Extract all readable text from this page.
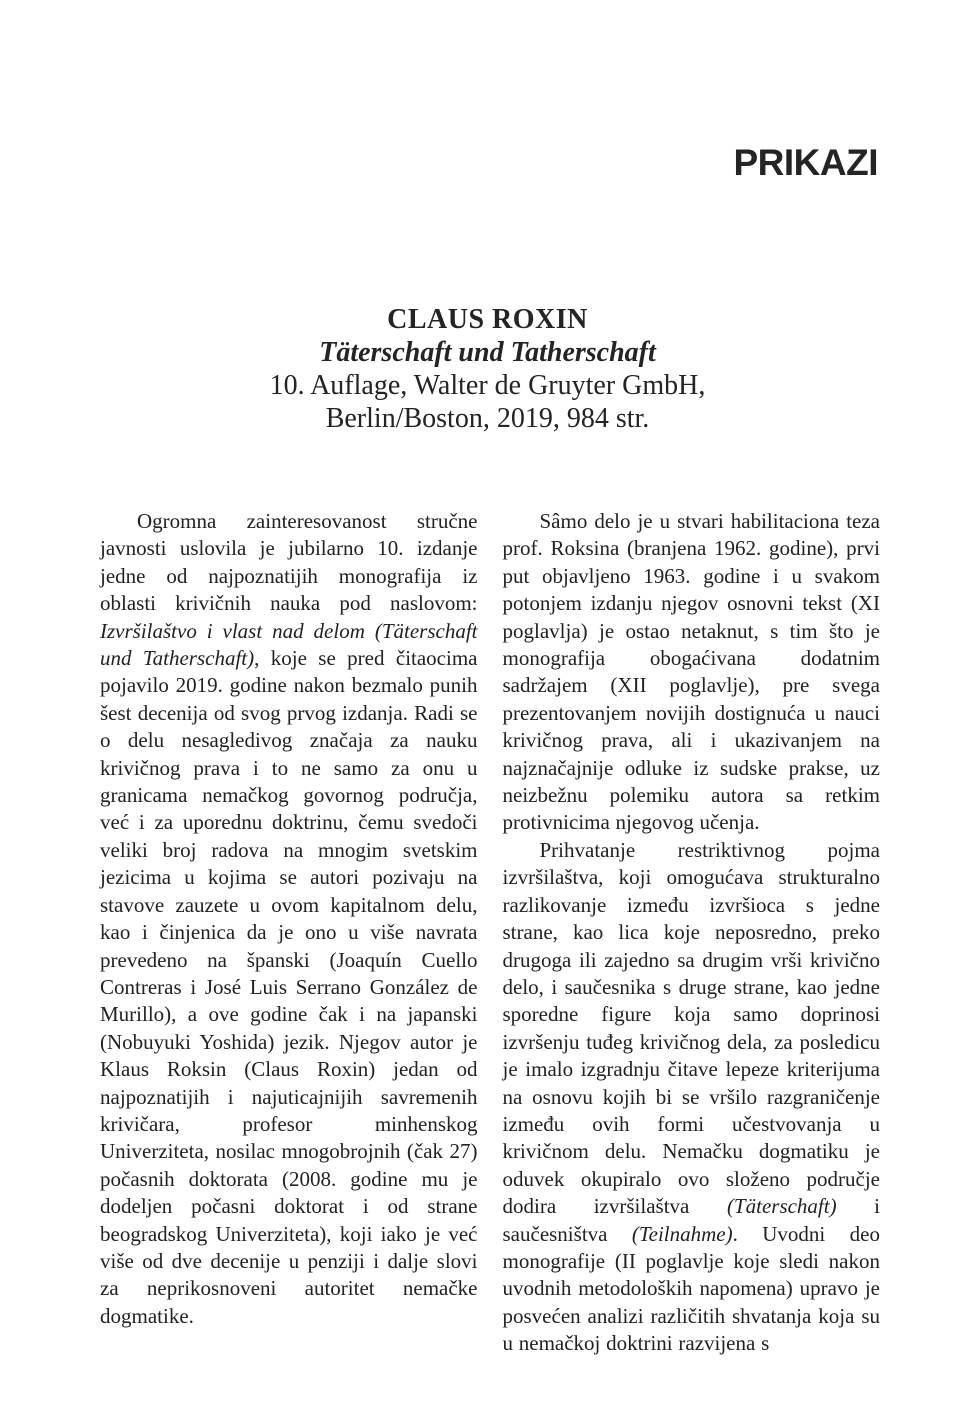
PRIKAZI
CLAUS ROXIN
Täterschaft und Tatherschaft
10. Auflage, Walter de Gruyter GmbH,
Berlin/Boston, 2019, 984 str.

Ogromna zainteresovanost stručne javnosti uslovila je jubilarno 10. izdanje jedne od najpoznatijih monografija iz oblasti krivičnih nauka pod naslovom: Izvršilaštvo i vlast nad delom (Täterschaft und Tatherschaft), koje se pred čitaocima pojavilo 2019. godine nakon bezmalo punih šest decenija od svog prvog izdanja. Radi se o delu nesagledivog značaja za nauku krivičnog prava i to ne samo za onu u granicama nemačkog govornog područja, već i za uporednu doktrinu, čemu svedoči veliki broj radova na mnogim svetskim jezicima u kojima se autori pozivaju na stavove zauzete u ovom kapitalnom delu, kao i činjenica da je ono u više navrata prevedeno na španski (Joaquín Cuello Contreras i José Luis Serrano González de Murillo), a ove godine čak i na japanski (Nobuyuki Yoshida) jezik. Njegov autor je Klaus Roksin (Claus Roxin) jedan od najpoznatijih i najuticajnijih savremenih krivičara, profesor minhenskog Univerziteta, nosilac mnogobrojnih (čak 27) počasnih doktorata (2008. godine mu je dodeljen počasni doktorat i od strane beogradskog Univerziteta), koji iako je već više od dve decenije u penziji i dalje slovi za neprikosnoveni autoritet nemačke dogmatike.

Sâmo delo je u stvari habilitaciona teza prof. Roksina (branjena 1962. godine), prvi put objavljeno 1963. godine i u svakom potonjem izdanju njegov osnovni tekst (XI poglavlja) je ostao netaknut, s tim što je monografija obogaćivana dodatnim sadržajem (XII poglavlje), pre svega prezentovanjem novijih dostignuća u nauci krivičnog prava, ali i ukazivanjem na najznačajnije odluke iz sudske prakse, uz neizbežnu polemiku autora sa retkim protivnicima njegovog učenja.

Prihvatanje restriktivnog pojma izvršilaštva, koji omogućava strukturalno razlikovanje između izvršioca s jedne strane, kao lica koje neposredno, preko drugoga ili zajedno sa drugim vrši krivično delo, i saučesnika s druge strane, kao jedne sporedne figure koja samo doprinosi izvršenju tuđeg krivičnog dela, za posledicu je imalo izgradnju čitave lepeze kriterijuma na osnovu kojih bi se vršilo razgraničenje između ovih formi učestvovanja u krivičnom delu. Nemačku dogmatiku je oduvek okupiralo ovo složeno područje dodira izvršilaštva (Täterschaft) i saučesništva (Teilnahme). Uvodni deo monografije (II poglavlje koje sledi nakon uvodnih metodoloških napomena) upravo je posvećen analizi različitih shvatanja koja su u nemačkoj doktrini razvijena s
